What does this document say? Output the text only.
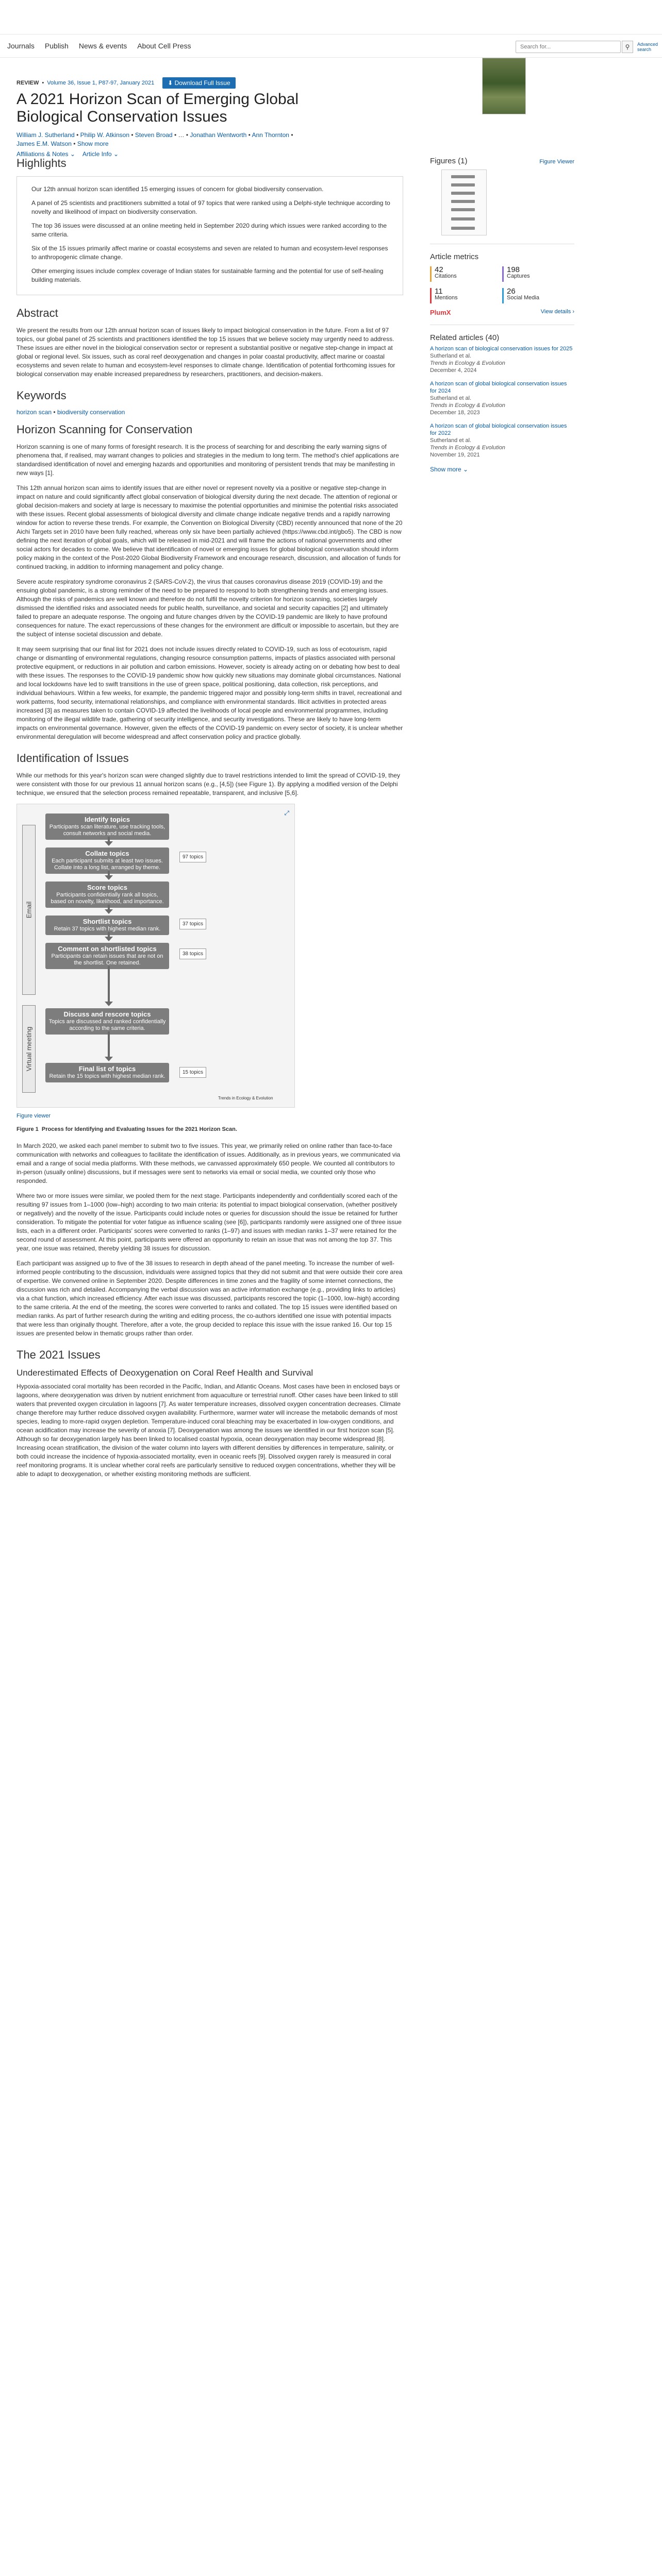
Journals Publish News & events About Cell Press
Search for...	⚲	Advanced search
REVIEW • Volume 36, Issue 1, P87-97, January 2021	⬇ Download Full Issue
A 2021 Horizon Scan of Emerging Global Biological Conservation Issues
William J. Sutherland • Philip W. Atkinson • Steven Broad • … • Jonathan Wentworth • Ann Thornton •
James E.M. Watson • Show more
Affiliations & Notes ⌄ Article Info ⌄
Highlights

Our 12th annual horizon scan identified 15 emerging issues of concern for global biodiversity conservation.

A panel of 25 scientists and practitioners submitted a total of 97 topics that were ranked using a Delphi-style technique according to novelty and likelihood of impact on biodiversity conservation.

The top 36 issues were discussed at an online meeting held in September 2020 during which issues were ranked according to the same criteria.

Six of the 15 issues primarily affect marine or coastal ecosystems and seven are related to human and ecosystem-level responses to anthropogenic climate change.

Other emerging issues include complex coverage of Indian states for sustainable farming and the potential for use of self-healing building materials.

Abstract

We present the results from our 12th annual horizon scan of issues likely to impact biological conservation in the future. From a list of 97 topics, our global panel of 25 scientists and practitioners identified the top 15 issues that we believe society may urgently need to address. These issues are either novel in the biological conservation sector or represent a substantial positive or negative step-change in impact at global or regional level. Six issues, such as coral reef deoxygenation and changes in polar coastal productivity, affect marine or coastal ecosystems and seven relate to human and ecosystem-level responses to climate change. Identification of potential forthcoming issues for biological conservation may enable increased preparedness by researchers, practitioners, and decision-makers.

Keywords
horizon scan • biodiversity conservation
Horizon Scanning for Conservation

Horizon scanning is one of many forms of foresight research. It is the process of searching for and describing the early warning signs of phenomena that, if realised, may warrant changes to policies and strategies in the medium to long term. The method's chief applications are standardised identification of novel and emerging hazards and opportunities and monitoring of persistent trends that may be manifesting in new ways [1].

This 12th annual horizon scan aims to identify issues that are either novel or represent novelty via a positive or negative step-change in impact on nature and could significantly affect global conservation of biological diversity during the next decade. The attention of regional or global decision-makers and society at large is necessary to maximise the potential opportunities and minimise the potential risks associated with these issues. Recent global assessments of biological diversity and climate change indicate negative trends and a rapidly narrowing window for action to reverse these trends. For example, the Convention on Biological Diversity (CBD) recently announced that none of the 20 Aichi Targets set in 2010 have been fully reached, whereas only six have been partially achieved (https://www.cbd.int/gbo5). The CBD is now defining the next iteration of global goals, which will be released in mid-2021 and will frame the actions of national governments and other social actors for decades to come. We believe that identification of novel or emerging issues for global biological conservation should inform policy making in the context of the Post-2020 Global Biodiversity Framework and encourage research, discussion, and allocation of funds for continued tracking, in addition to informing management and policy change.

Severe acute respiratory syndrome coronavirus 2 (SARS-CoV-2), the virus that causes coronavirus disease 2019 (COVID-19) and the ensuing global pandemic, is a strong reminder of the need to be prepared to respond to both strengthening trends and emerging issues. Although the risks of pandemics are well known and therefore do not fulfil the novelty criterion for horizon scanning, societies largely dismissed the identified risks and associated needs for public health, surveillance, and societal and security capacities [2] and ultimately failed to prepare an adequate response. The ongoing and future changes driven by the COVID-19 pandemic are likely to have profound consequences for nature. The exact repercussions of these changes for the environment are difficult or impossible to ascertain, but they are the subject of intense societal discussion and debate.

It may seem surprising that our final list for 2021 does not include issues directly related to COVID-19, such as loss of ecotourism, rapid change or dismantling of environmental regulations, changing resource consumption patterns, impacts of plastics associated with personal protective equipment, or reductions in air pollution and carbon emissions. However, society is already acting on or debating how best to deal with these issues. The responses to the COVID-19 pandemic show how quickly new situations may dominate global circumstances. National and local lockdowns have led to swift transitions in the use of green space, political positioning, data collection, risk perceptions, and individual behaviours. Within a few weeks, for example, the pandemic triggered major and possibly long-term shifts in travel, recreational and work patterns, food security, international relationships, and compliance with environmental standards. Illicit activities in protected areas increased [3] as measures taken to contain COVID-19 affected the livelihoods of local people and environmental programmes, including monitoring of the illegal wildlife trade, gathering of security intelligence, and security investigations. These are likely to have long-term impacts on environmental governance. However, given the effects of the COVID-19 pandemic on every sector of society, it is unclear whether environmental deregulation will become widespread and affect conservation policy and practice globally.

Identification of Issues

While our methods for this year's horizon scan were changed slightly due to travel restrictions intended to limit the spread of COVID-19, they were consistent with those for our previous 11 annual horizon scans (e.g., [4,5]) (see Figure 1). By applying a modified version of the Delphi technique, we ensured that the selection process remained repeatable, transparent, and inclusive [5,6].

⤢
Email
Virtual meeting
Identify topics
Participants scan literature, use tracking tools, consult networks and social media.
Collate topics
Each participant submits at least two issues. Collate into a long list, arranged by theme.
97 topics
Score topics
Participants confidentially rank all topics, based on novelty, likelihood, and importance.
Shortlist topics
Retain 37 topics with highest median rank.
37 topics
Comment on shortlisted topics
Participants can retain issues that are not on the shortlist. One retained.
38 topics
Discuss and rescore topics
Topics are discussed and ranked confidentially according to the same criteria.
Final list of topics
Retain the 15 topics with highest median rank.
15 topics
Trends in Ecology & Evolution
Figure viewer
Figure 1 Process for Identifying and Evaluating Issues for the 2021 Horizon Scan.

In March 2020, we asked each panel member to submit two to five issues. This year, we primarily relied on online rather than face-to-face communication with networks and colleagues to facilitate the identification of issues. Additionally, as in previous years, we communicated via email and a range of social media platforms. With these methods, we canvassed approximately 650 people. We counted all contributors to in-person (usually online) discussions, but if messages were sent to networks via email or social media, we counted only those who responded.

Where two or more issues were similar, we pooled them for the next stage. Participants independently and confidentially scored each of the resulting 97 issues from 1–1000 (low–high) according to two main criteria: its potential to impact biological conservation, (whether positively or negatively) and the novelty of the issue. Participants could include notes or queries for discussion should the issue be retained for further consideration. To mitigate the potential for voter fatigue as influence scaling (see [6]), participants randomly were assigned one of three issue lists, each in a different order. Participants' scores were converted to ranks (1–97) and issues with median ranks 1–37 were retained for the second round of assessment. At this point, participants were offered an opportunity to retain an issue that was not among the top 37. This year, one issue was retained, thereby yielding 38 issues for discussion.

Each participant was assigned up to five of the 38 issues to research in depth ahead of the panel meeting. To increase the number of well-informed people contributing to the discussion, individuals were assigned topics that they did not submit and that were outside their core area of expertise. We convened online in September 2020. Despite differences in time zones and the fragility of some internet connections, the discussion was rich and detailed. Accompanying the verbal discussion was an active information exchange (e.g., providing links to articles) via a chat function, which increased efficiency. After each issue was discussed, participants rescored the topic (1–1000, low–high) according to the same criteria. At the end of the meeting, the scores were converted to ranks and collated. The top 15 issues were identified based on median ranks. As part of further research during the writing and editing process, the co-authors identified one issue with potential impacts that were less than originally thought. Therefore, after a vote, the group decided to replace this issue with the issue ranked 16. Our top 15 issues are presented below in thematic groups rather than order.

The 2021 Issues
Underestimated Effects of Deoxygenation on Coral Reef Health and Survival

Hypoxia-associated coral mortality has been recorded in the Pacific, Indian, and Atlantic Oceans. Most cases have been in enclosed bays or lagoons, where deoxygenation was driven by nutrient enrichment from aquaculture or terrestrial runoff. Other cases have been linked to still waters that prevented oxygen circulation in lagoons [7]. As water temperature increases, dissolved oxygen concentration decreases. Climate change therefore may further reduce dissolved oxygen availability. Furthermore, warmer water will increase the metabolic demands of most species, leading to more-rapid oxygen depletion. Temperature-induced coral bleaching may be exacerbated in low-oxygen conditions, and ocean acidification may increase the severity of anoxia [7]. Deoxygenation was among the issues we identified in our first horizon scan [5]. Although so far deoxygenation largely has been linked to localised coastal hypoxia, ocean deoxygenation may become widespread [8]. Increasing ocean stratification, the division of the water column into layers with different densities by differences in temperature, salinity, or both could increase the incidence of hypoxia-associated mortality, even in oceanic reefs [9]. Dissolved oxygen rarely is measured in coral reef monitoring programs. It is unclear whether coral reefs are particularly sensitive to reduced oxygen concentrations, whether they will be able to adapt to deoxygenation, or whether existing monitoring methods are sufficient.

Figures (1)	Figure Viewer
Article metrics
42
Citations
198
Captures
11
Mentions
26
Social Media
PlumX	View details ›
Related articles (40)
A horizon scan of biological conservation issues for 2025
Sutherland et al.
Trends in Ecology & Evolution
December 4, 2024
A horizon scan of global biological conservation issues for 2024
Sutherland et al.
Trends in Ecology & Evolution
December 18, 2023
A horizon scan of global biological conservation issues for 2022
Sutherland et al.
Trends in Ecology & Evolution
November 19, 2021
Show more ⌄
